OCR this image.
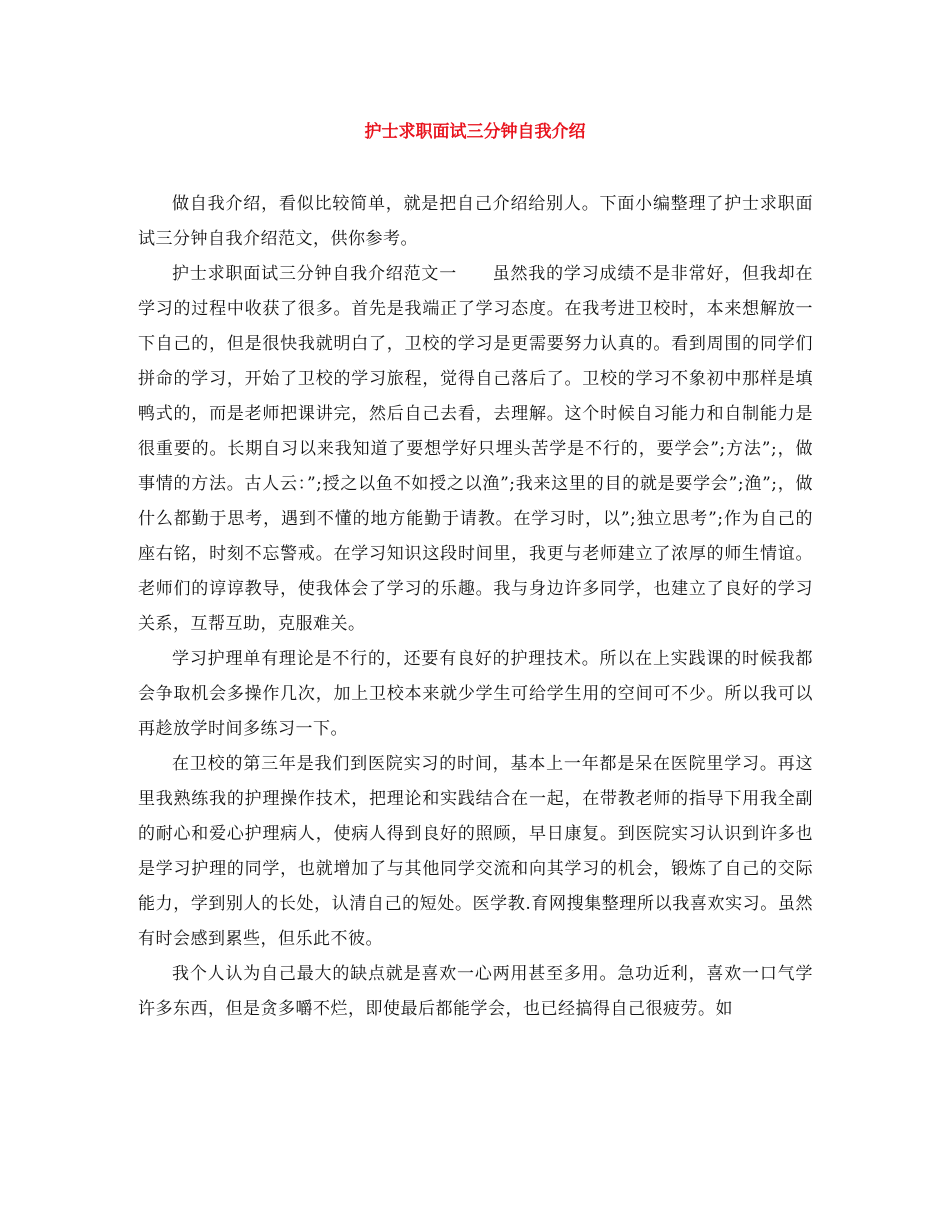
护士求职面试三分钟自我介绍

做自我介绍，看似比较简单，就是把自己介绍给别人。下面小编整理了护士求职面试三分钟自我介绍范文，供你参考。

护士求职面试三分钟自我介绍范文一　　虽然我的学习成绩不是非常好，但我却在学习的过程中收获了很多。首先是我端正了学习态度。在我考进卫校时，本来想解放一下自己的，但是很快我就明白了，卫校的学习是更需要努力认真的。看到周围的同学们拼命的学习，开始了卫校的学习旅程，觉得自己落后了。卫校的学习不象初中那样是填鸭式的，而是老师把课讲完，然后自己去看，去理解。这个时候自习能力和自制能力是很重要的。长期自习以来我知道了要想学好只埋头苦学是不行的，要学会”;方法”;，做事情的方法。古人云：”;授之以鱼不如授之以渔”;我来这里的目的就是要学会”;渔”;，做什么都勤于思考，遇到不懂的地方能勤于请教。在学习时，以”;独立思考”;作为自己的座右铭，时刻不忘警戒。在学习知识这段时间里，我更与老师建立了浓厚的师生情谊。老师们的谆谆教导，使我体会了学习的乐趣。我与身边许多同学，也建立了良好的学习关系，互帮互助，克服难关。

学习护理单有理论是不行的，还要有良好的护理技术。所以在上实践课的时候我都会争取机会多操作几次，加上卫校本来就少学生可给学生用的空间可不少。所以我可以再趁放学时间多练习一下。

在卫校的第三年是我们到医院实习的时间，基本上一年都是呆在医院里学习。再这里我熟练我的护理操作技术，把理论和实践结合在一起，在带教老师的指导下用我全副的耐心和爱心护理病人，使病人得到良好的照顾，早日康复。到医院实习认识到许多也是学习护理的同学，也就增加了与其他同学交流和向其学习的机会，锻炼了自己的交际能力，学到别人的长处，认清自己的短处。医学教.育网搜集整理所以我喜欢实习。虽然有时会感到累些，但乐此不彼。

我个人认为自己最大的缺点就是喜欢一心两用甚至多用。急功近利，喜欢一口气学许多东西，但是贪多嚼不烂，即使最后都能学会，也已经搞得自己很疲劳。如
